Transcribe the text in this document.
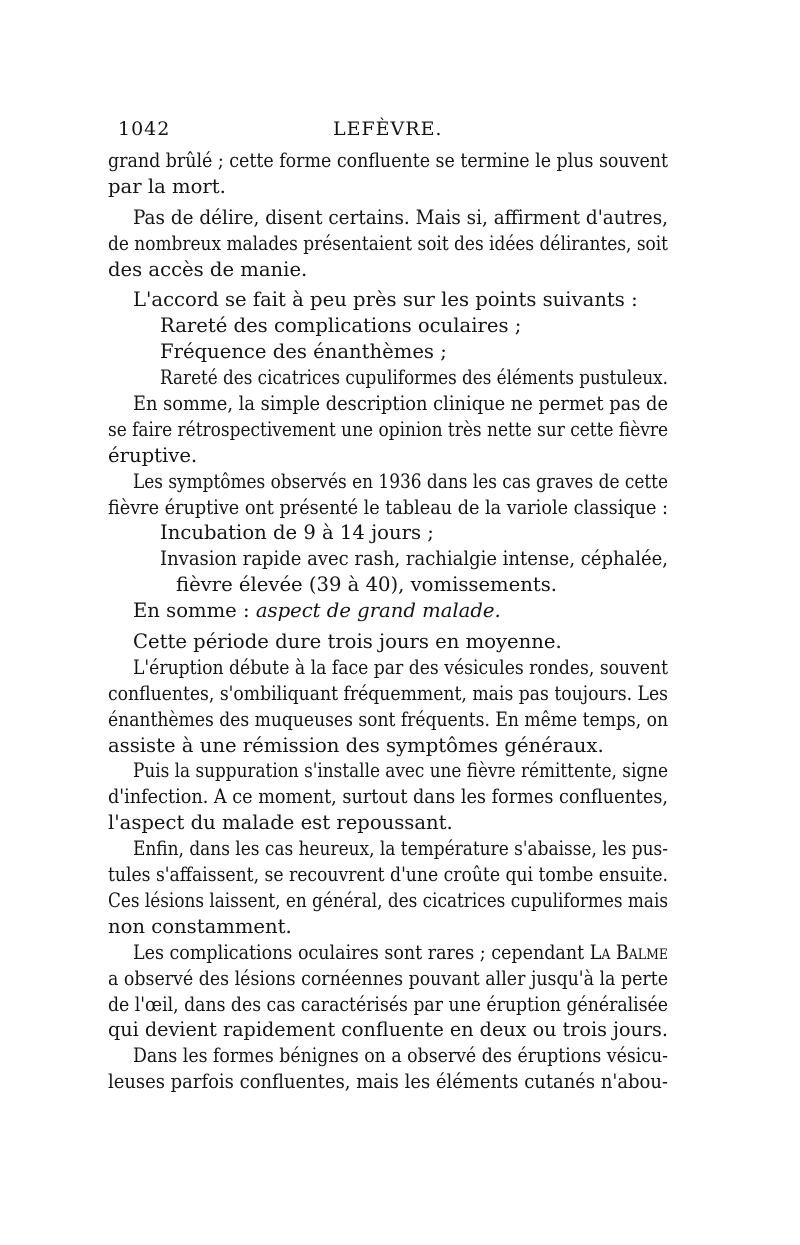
1042	LEFÈVRE.
grand brûlé ; cette forme confluente se termine le plus souvent
par la mort.
Pas de délire, disent certains. Mais si, affirment d'autres,
de nombreux malades présentaient soit des idées délirantes, soit
des accès de manie.
L'accord se fait à peu près sur les points suivants :
Rareté des complications oculaires ;
Fréquence des énanthèmes ;
Rareté des cicatrices cupuliformes des éléments pustuleux.
En somme, la simple description clinique ne permet pas de
se faire rétrospectivement une opinion très nette sur cette fièvre
éruptive.
Les symptômes observés en 1936 dans les cas graves de cette
fièvre éruptive ont présenté le tableau de la variole classique :
Incubation de 9 à 14 jours ;
Invasion rapide avec rash, rachialgie intense, céphalée,
fièvre élevée (39 à 40), vomissements.
En somme : aspect de grand malade.
Cette période dure trois jours en moyenne.
L'éruption débute à la face par des vésicules rondes, souvent
confluentes, s'ombiliquant fréquemment, mais pas toujours. Les
énanthèmes des muqueuses sont fréquents. En même temps, on
assiste à une rémission des symptômes généraux.
Puis la suppuration s'installe avec une fièvre rémittente, signe
d'infection. A ce moment, surtout dans les formes confluentes,
l'aspect du malade est repoussant.
Enfin, dans les cas heureux, la température s'abaisse, les pus-
tules s'affaissent, se recouvrent d'une croûte qui tombe ensuite.
Ces lésions laissent, en général, des cicatrices cupuliformes mais
non constamment.
Les complications oculaires sont rares ; cependant La Balme
a observé des lésions cornéennes pouvant aller jusqu'à la perte
de l'œil, dans des cas caractérisés par une éruption généralisée
qui devient rapidement confluente en deux ou trois jours.
Dans les formes bénignes on a observé des éruptions vésicu-
leuses parfois confluentes, mais les éléments cutanés n'abou-
